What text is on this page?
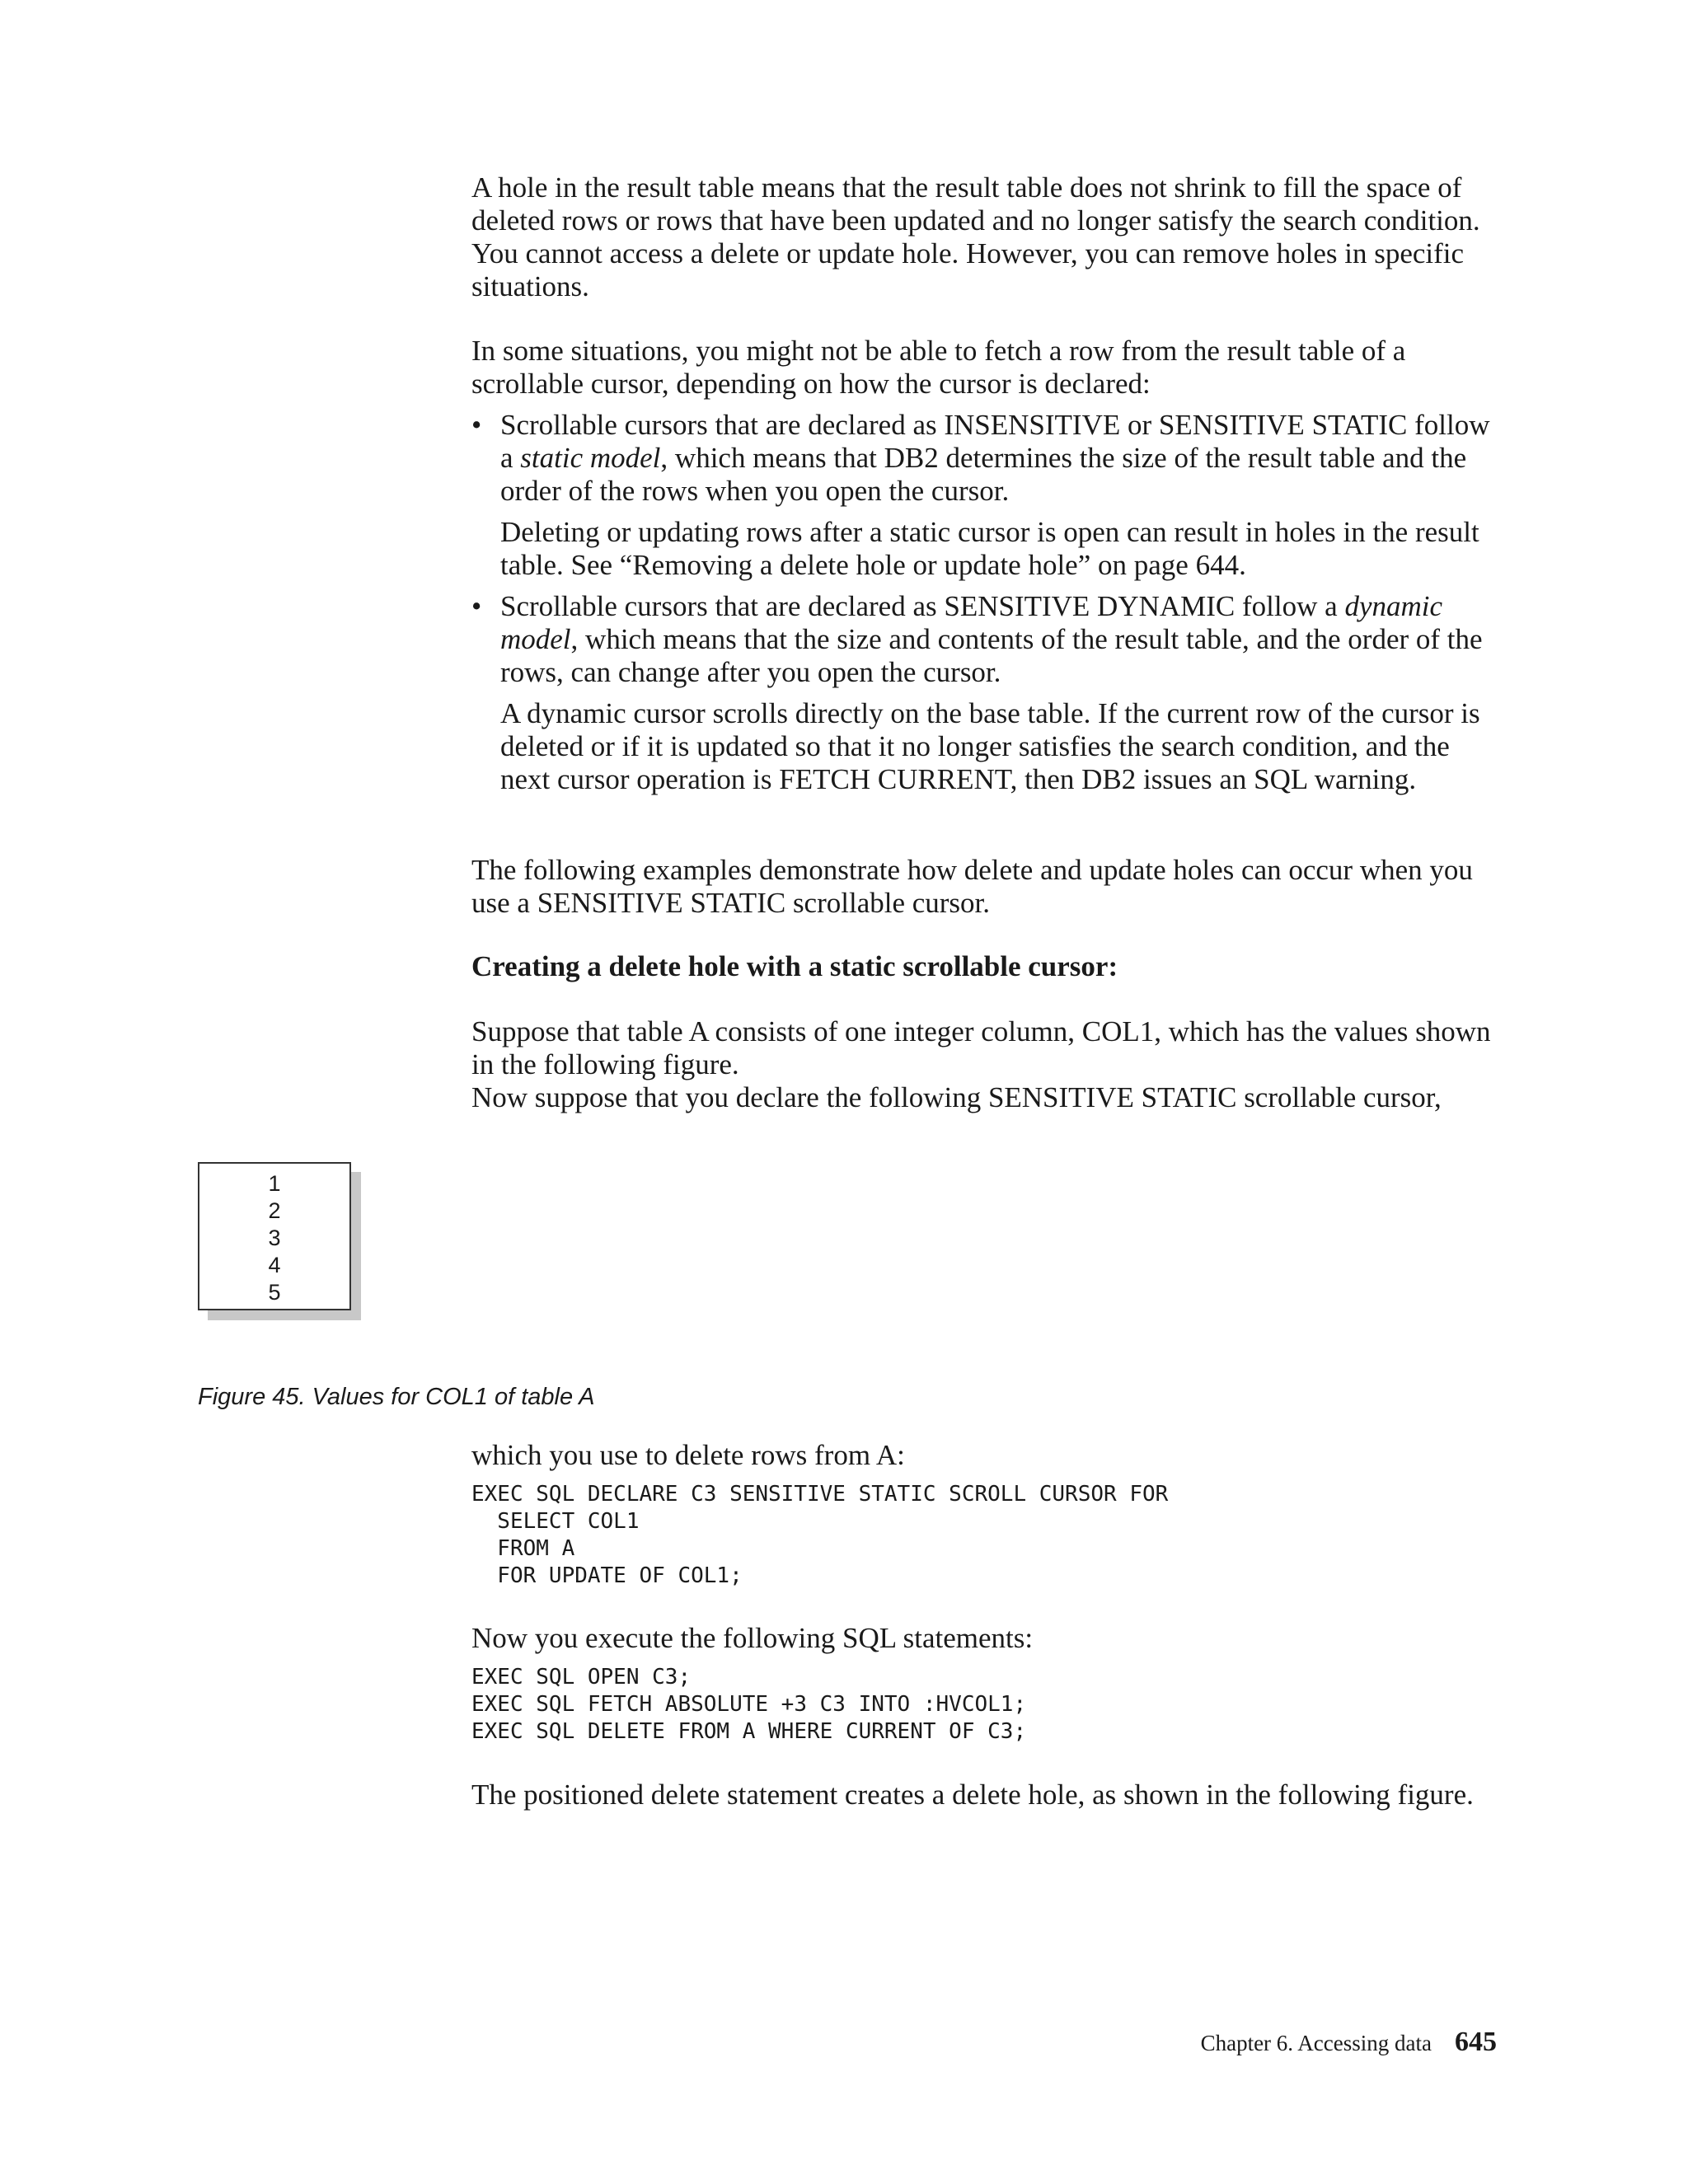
A hole in the result table means that the result table does not shrink to fill the space of deleted rows or rows that have been updated and no longer satisfy the search condition. You cannot access a delete or update hole. However, you can remove holes in specific situations.

In some situations, you might not be able to fetch a row from the result table of a scrollable cursor, depending on how the cursor is declared:

• Scrollable cursors that are declared as INSENSITIVE or SENSITIVE STATIC follow a static model, which means that DB2 determines the size of the result table and the order of the rows when you open the cursor.

Deleting or updating rows after a static cursor is open can result in holes in the result table. See “Removing a delete hole or update hole” on page 644.

• Scrollable cursors that are declared as SENSITIVE DYNAMIC follow a dynamic model, which means that the size and contents of the result table, and the order of the rows, can change after you open the cursor.

A dynamic cursor scrolls directly on the base table. If the current row of the cursor is deleted or if it is updated so that it no longer satisfies the search condition, and the next cursor operation is FETCH CURRENT, then DB2 issues an SQL warning.

The following examples demonstrate how delete and update holes can occur when you use a SENSITIVE STATIC scrollable cursor.

Creating a delete hole with a static scrollable cursor:

Suppose that table A consists of one integer column, COL1, which has the values shown in the following figure.

Now suppose that you declare the following SENSITIVE STATIC scrollable cursor,

1
2
3
4
5
Figure 45. Values for COL1 of table A

which you use to delete rows from A:

EXEC SQL DECLARE C3 SENSITIVE STATIC SCROLL CURSOR FOR
SELECT COL1
FROM A
FOR UPDATE OF COL1;

Now you execute the following SQL statements:

EXEC SQL OPEN C3;
EXEC SQL FETCH ABSOLUTE +3 C3 INTO :HVCOL1;
EXEC SQL DELETE FROM A WHERE CURRENT OF C3;

The positioned delete statement creates a delete hole, as shown in the following figure.

Chapter 6. Accessing data 645
